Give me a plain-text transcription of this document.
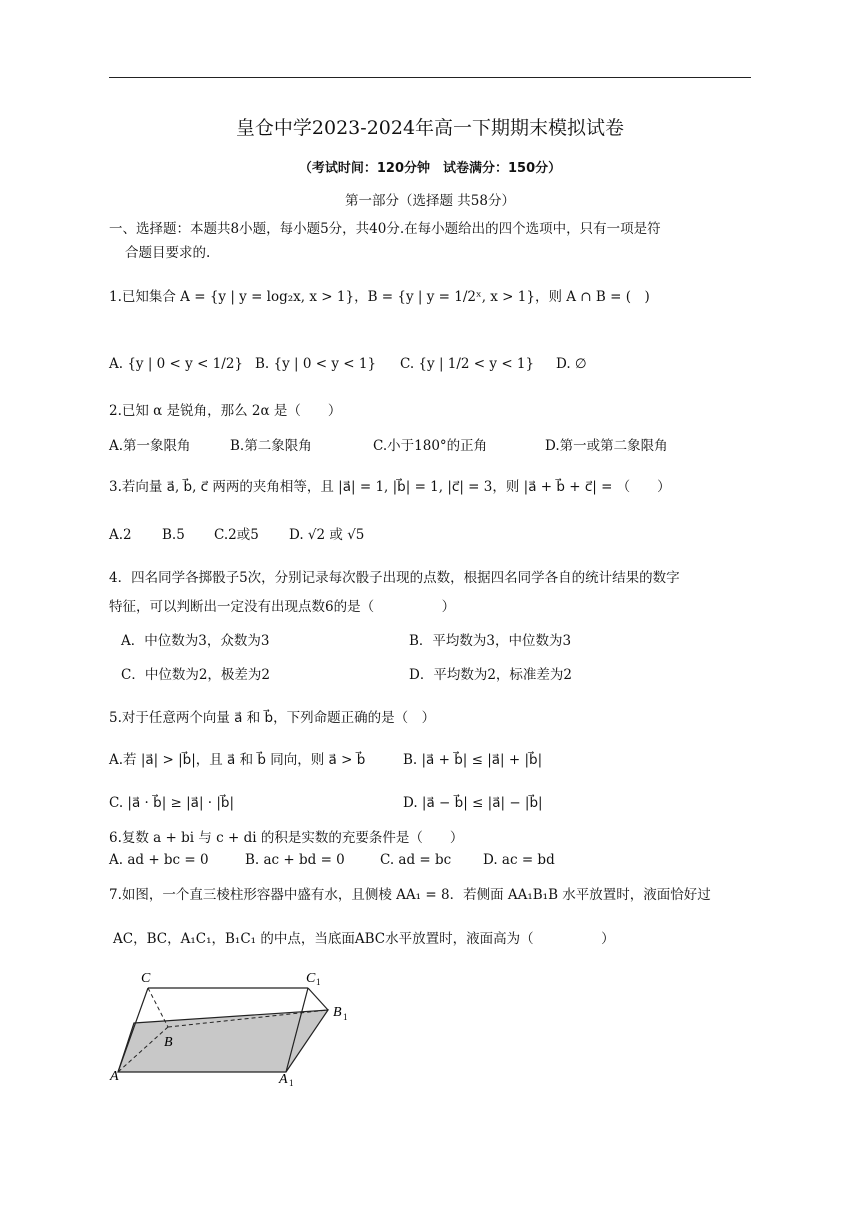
皇仓中学2023-2024年高一下期期末模拟试卷
（考试时间：120分钟　试卷满分：150分）
第一部分（选择题 共58分）
一、选择题：本题共8小题，每小题5分，共40分.在每小题给出的四个选项中，只有一项是符
合题目要求的.
1.已知集合 A = {y | y = log₂x, x > 1}，B = {y | y = 1/2ˣ, x > 1}，则 A ∩ B = (　)
A. {y | 0 < y < 1/2} B. {y | 0 < y < 1} C. {y | 1/2 < y < 1} D. ∅
2.已知 α 是锐角，那么 2α 是（　　）
A.第一象限角	B.第二象限角	C.小于180°的正角	D.第一或第二象限角
3.若向量 a⃗, b⃗, c⃗ 两两的夹角相等，且 |a⃗| = 1, |b⃗| = 1, |c⃗| = 3，则 |a⃗ + b⃗ + c⃗| = （　　）
A.2 B.5 C.2或5 D. √2 或 √5
4．四名同学各掷骰子5次，分别记录每次骰子出现的点数，根据四名同学各自的统计结果的数字
特征，可以判断出一定没有出现点数6的是（　　　　　）
A．中位数为3，众数为3	B．平均数为3，中位数为3
C．中位数为2，极差为2	D．平均数为2，标准差为2
5.对于任意两个向量 a⃗ 和 b⃗，下列命题正确的是（　）
A.若 |a⃗| > |b⃗|，且 a⃗ 和 b⃗ 同向，则 a⃗ > b⃗	B. |a⃗ + b⃗| ≤ |a⃗| + |b⃗|
C. |a⃗ · b⃗| ≥ |a⃗| · |b⃗|	D. |a⃗ − b⃗| ≤ |a⃗| − |b⃗|
6.复数 a + bi 与 c + di 的积是实数的充要条件是（　　）
A. ad + bc = 0	B. ac + bd = 0	C. ad = bc D. ac = bd
7.如图，一个直三棱柱形容器中盛有水，且侧棱 AA₁ = 8．若侧面 AA₁B₁B 水平放置时，液面恰好过
AC，BC，A₁C₁，B₁C₁ 的中点，当底面ABC水平放置时，液面高为（　　　　　）
C	C 1
B
B 1
A	A 1
